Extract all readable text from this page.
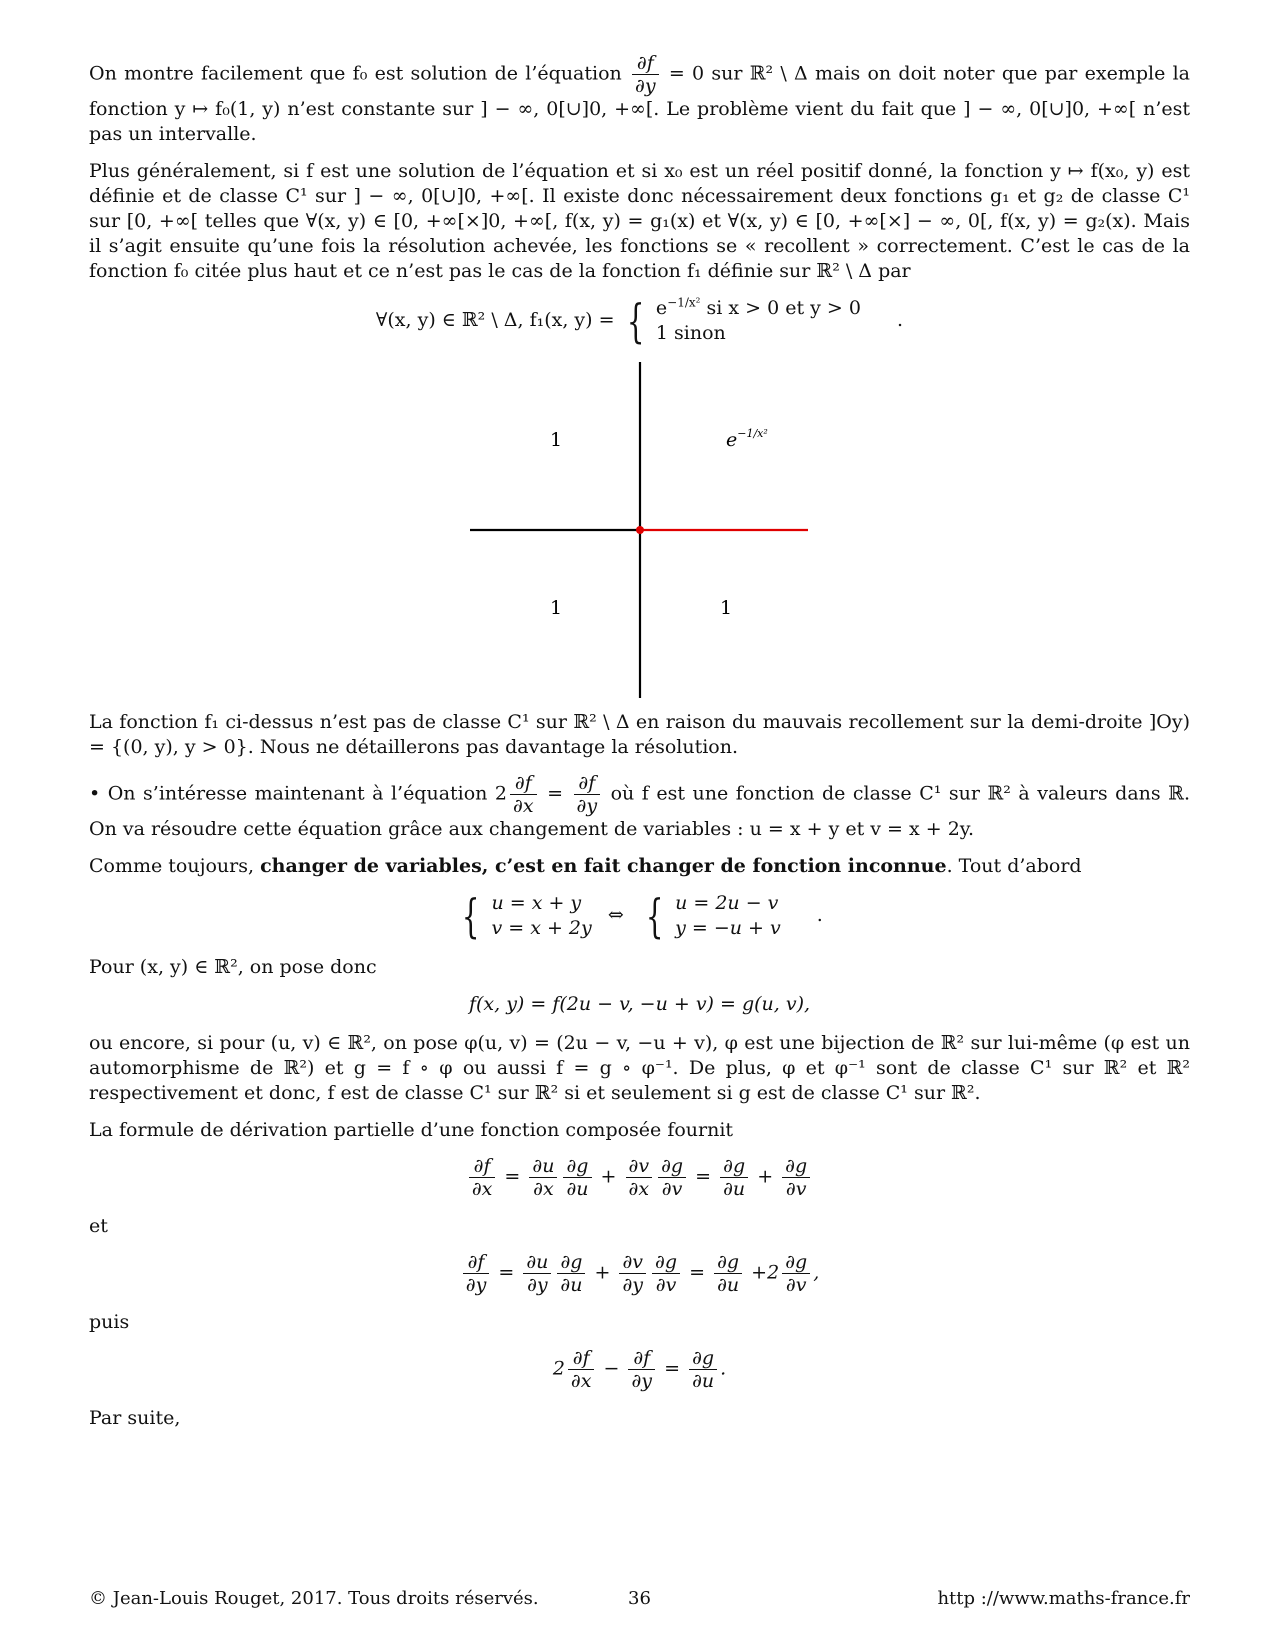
On montre facilement que f₀ est solution de l’équation $\frac{\partial f}{\partial y} = 0$ sur ℝ² \ Δ mais on doit noter que par exemple la fonction y ↦ f₀(1, y) n’est constante sur ] − ∞, 0[∪]0, +∞[. Le problème vient du fait que ] − ∞, 0[∪]0, +∞[ n’est pas un intervalle.

Plus généralement, si f est une solution de l’équation et si x₀ est un réel positif donné, la fonction y ↦ f(x₀, y) est définie et de classe C¹ sur ] − ∞, 0[∪]0, +∞[. Il existe donc nécessairement deux fonctions g₁ et g₂ de classe C¹ sur [0, +∞[ telles que ∀(x, y) ∈ [0, +∞[×]0, +∞[, f(x, y) = g₁(x) et ∀(x, y) ∈ [0, +∞[×] − ∞, 0[, f(x, y) = g₂(x). Mais il s’agit ensuite qu’une fois la résolution achevée, les fonctions se « recollent » correctement. C’est le cas de la fonction f₀ citée plus haut et ce n’est pas le cas de la fonction f₁ définie sur ℝ² \ Δ par

∀(x, y) ∈ ℝ² \ Δ, f₁(x, y) = { $e^{-1/x^2}$ si x > 0 et y > 0
1 sinon
.
1	$e^{-1/x^2}$
1	1

La fonction f₁ ci-dessus n’est pas de classe C¹ sur ℝ² \ Δ en raison du mauvais recollement sur la demi-droite ]Oy) = {(0, y), y > 0}. Nous ne détaillerons pas davantage la résolution.

• On s’intéresse maintenant à l’équation $2 \frac{\partial f}{\partial x} = \frac{\partial f}{\partial y}$ où f est une fonction de classe C¹ sur ℝ² à valeurs dans ℝ. On va résoudre cette équation grâce aux changement de variables : u = x + y et v = x + 2y.

Comme toujours, changer de variables, c’est en fait changer de fonction inconnue. Tout d’abord

{ u = x + y
v = x + 2y
⇔ { u = 2u − v
y = −u + v
.

Pour (x, y) ∈ ℝ², on pose donc

f(x, y) = f(2u − v, −u + v) = g(u, v),

ou encore, si pour (u, v) ∈ ℝ², on pose φ(u, v) = (2u − v, −u + v), φ est une bijection de ℝ² sur lui-même (φ est un automorphisme de ℝ²) et g = f ∘ φ ou aussi f = g ∘ φ⁻¹. De plus, φ et φ⁻¹ sont de classe C¹ sur ℝ² et ℝ² respectivement et donc, f est de classe C¹ sur ℝ² si et seulement si g est de classe C¹ sur ℝ².

La formule de dérivation partielle d’une fonction composée fournit

$\frac{\partial f}{\partial x} = \frac{\partial u}{\partial x} \frac{\partial g}{\partial u} + \frac{\partial v}{\partial x} \frac{\partial g}{\partial v} = \frac{\partial g}{\partial u} + \frac{\partial g}{\partial v}$

et

$\frac{\partial f}{\partial y} = \frac{\partial u}{\partial y} \frac{\partial g}{\partial u} + \frac{\partial v}{\partial y} \frac{\partial g}{\partial v} = \frac{\partial g}{\partial u} +2 \frac{\partial g}{\partial v}$ ,

puis

$2 \frac{\partial f}{\partial x} - \frac{\partial f}{\partial y} = \frac{\partial g}{\partial u}$ .

Par suite,

© Jean-Louis Rouget, 2017. Tous droits réservés.	36	http ://www.maths-france.fr
